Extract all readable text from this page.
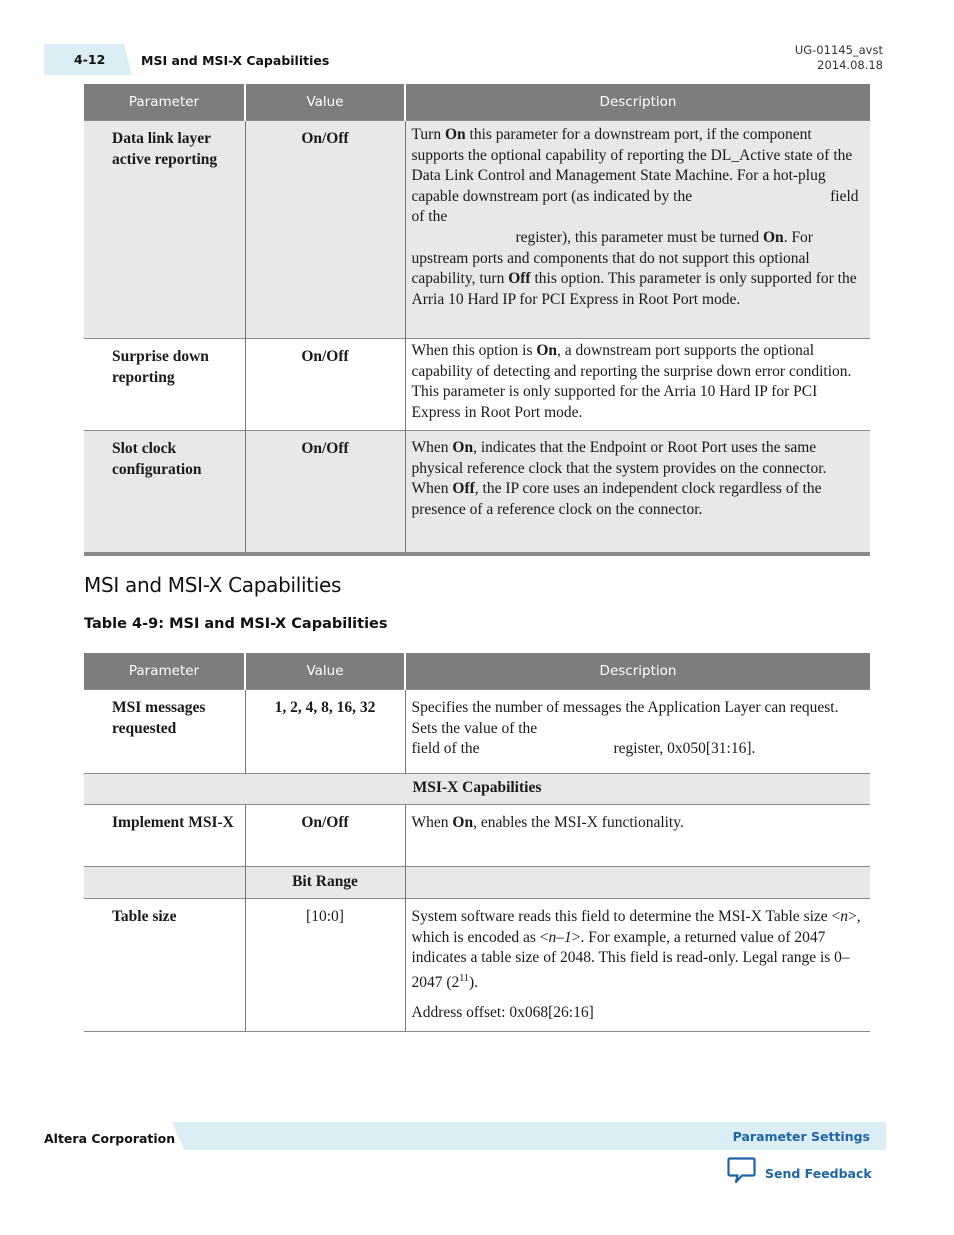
4-12	MSI and MSI-X Capabilities
UG-01145_avst
2014.08.18
Parameter	Value	Description
Data link layer active reporting	On/Off	Turn On this parameter for a downstream port, if the component supports the optional capability of reporting the DL_Active state of the Data Link Control and Management State Machine. For a hot-plug capable downstream port (as indicated by the field of the
register), this parameter must be turned On. For upstream ports and components that do not support this optional capability, turn Off this option. This parameter is only supported for the Arria 10 Hard IP for PCI Express in Root Port mode.
Surprise down reporting	On/Off	When this option is On, a downstream port supports the optional capability of detecting and reporting the surprise down error condition. This parameter is only supported for the Arria 10 Hard IP for PCI Express in Root Port mode.
Slot clock configuration	On/Off	When On, indicates that the Endpoint or Root Port uses the same physical reference clock that the system provides on the connector. When Off, the IP core uses an independent clock regardless of the presence of a reference clock on the connector.
MSI and MSI-X Capabilities

Table 4-9: MSI and MSI-X Capabilities

Parameter	Value	Description
MSI messages requested	1, 2, 4, 8, 16, 32	Specifies the number of messages the Application Layer can request. Sets the value of the
field of the register, 0x050[31:16].
MSI-X Capabilities		
Implement MSI-X	On/Off	When On, enables the MSI-X functionality.
	Bit Range	
Table size	[10:0]	System software reads this field to determine the MSI-X Table size <n>, which is encoded as <n–1>. For example, a returned value of 2047 indicates a table size of 2048. This field is read-only. Legal range is 0–2047 $(2^{11})$.

Address offset: 0x068[26:16]

Altera Corporation	Parameter Settings
Send Feedback
